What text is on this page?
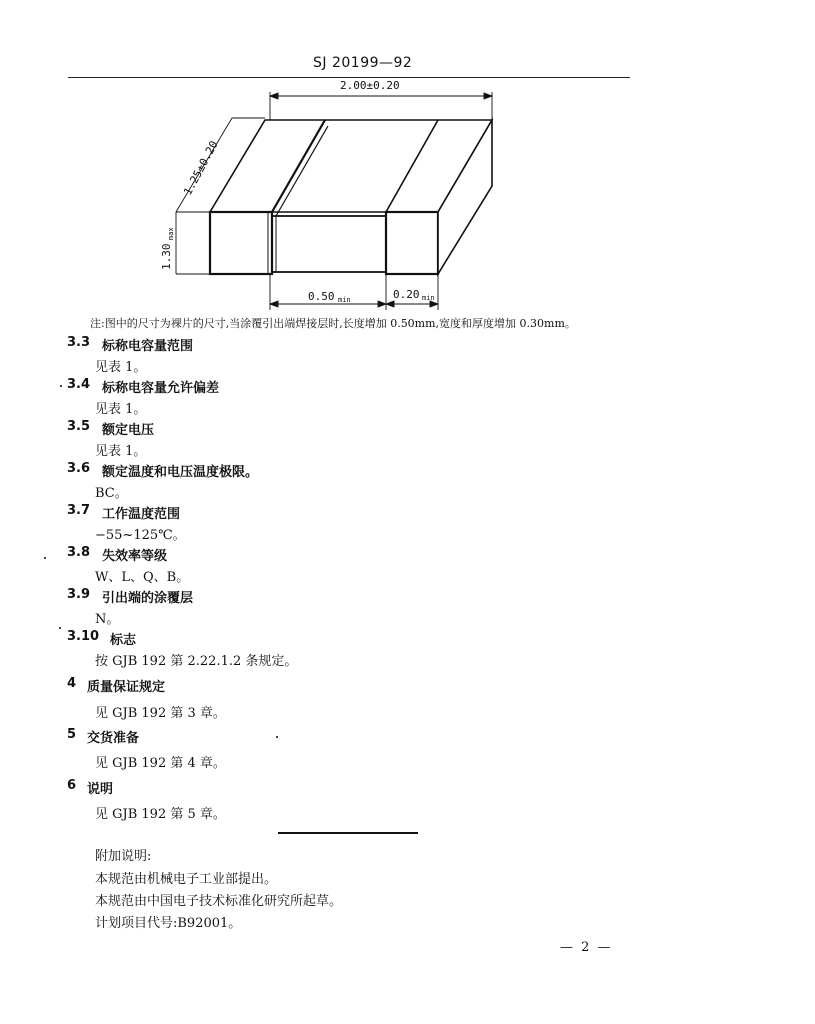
SJ 20199—92
2.00±0.20
1.25±0.20
1.30
max
0.50 min	0.20 min
注:图中的尺寸为裸片的尺寸,当涂覆引出端焊接层时,长度增加 0.50mm,宽度和厚度增加 0.30mm。
3.3 标称电容量范围
见表 1。
3.4 标称电容量允许偏差
见表 1。
3.5 额定电压
见表 1。
3.6 额定温度和电压温度极限。
BC。
3.7 工作温度范围
−55~125℃。
3.8 失效率等级
W、L、Q、B。
3.9 引出端的涂覆层
N。
3.10 标志
按 GJB 192 第 2.22.1.2 条规定。
4 质量保证规定
见 GJB 192 第 3 章。
5 交货准备
见 GJB 192 第 4 章。
6 说明
见 GJB 192 第 5 章。
附加说明:
本规范由机械电子工业部提出。
本规范由中国电子技术标准化研究所起草。
计划项目代号:B92001。
— 2 —
